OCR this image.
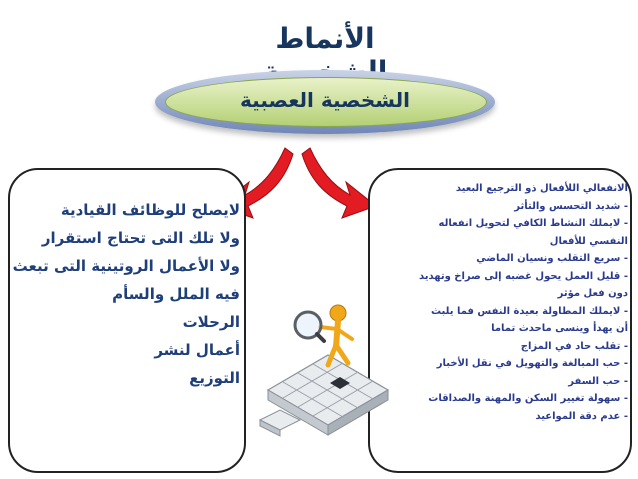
الأنماط
الشخصية العصبية
لايصلح للوظائف القيادية
ولا تلك التى تحتاج استقرار
ولا الأعمال الروتينية التى تبعث
فيه الملل والسأم
الرحلات
أعمال لنشر
التوزيع
الانفعالي اللأفعال ذو الترجيع البعيد
- شديد التحسس والتأثر
- لايملك النشاط الكافي لتحويل انفعاله
النفسي للأفعال
- سريع التقلب ونسيان الماضي
- قليل العمل يحول غضبه إلى صراخ وتهديد
دون فعل مؤثر
- لايملك المطاولة بعيدة النفس فما يلبث
أن يهدأ وينسى ماحدث تماما
- تقلب حاد في المزاج
- حب المبالغة والتهويل في نقل الأخبار
- حب السفر
- سهولة تغيير السكن والمهنة والصداقات
- عدم دقة المواعيد
